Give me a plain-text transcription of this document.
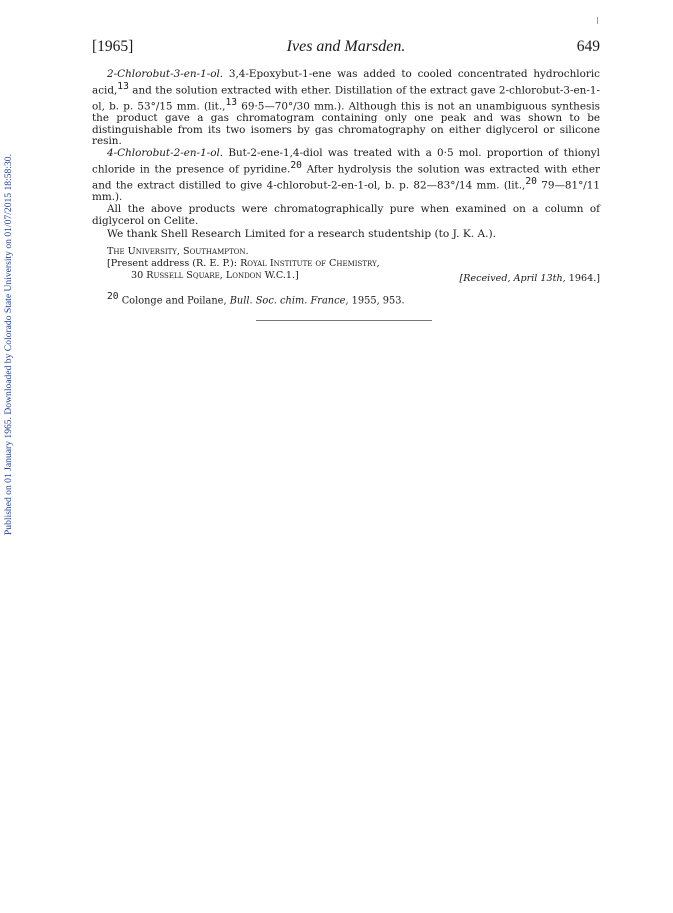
Published on 01 January 1965. Downloaded by Colorado State University on 01/07/2015 18:58:30.
[1965]	Ives and Marsden.	649

2-Chlorobut-3-en-1-ol. 3,4-Epoxybut-1-ene was added to cooled concentrated hydrochloric acid,$^{13}$ and the solution extracted with ether. Distillation of the extract gave 2-chlorobut-3-en-1-ol, b. p. 53°/15 mm. (lit.,$^{13}$ 69·5—70°/30 mm.). Although this is not an unambiguous synthesis the product gave a gas chromatogram containing only one peak and was shown to be distinguishable from its two isomers by gas chromatography on either diglycerol or silicone resin.

4-Chlorobut-2-en-1-ol. But-2-ene-1,4-diol was treated with a 0·5 mol. proportion of thionyl chloride in the presence of pyridine.$^{20}$ After hydrolysis the solution was extracted with ether and the extract distilled to give 4-chlorobut-2-en-1-ol, b. p. 82—83°/14 mm. (lit.,$^{20}$ 79—81°/11 mm.).

All the above products were chromatographically pure when examined on a column of diglycerol on Celite.

We thank Shell Research Limited for a research studentship (to J. K. A.).
The University, Southampton.
[Present address (R. E. P.): Royal Institute of Chemistry,
30 Russell Square, London W.C.1.]	[Received, April 13th, 1964.]
$^{20}$ Colonge and Poilane, Bull. Soc. chim. France, 1955, 953.
